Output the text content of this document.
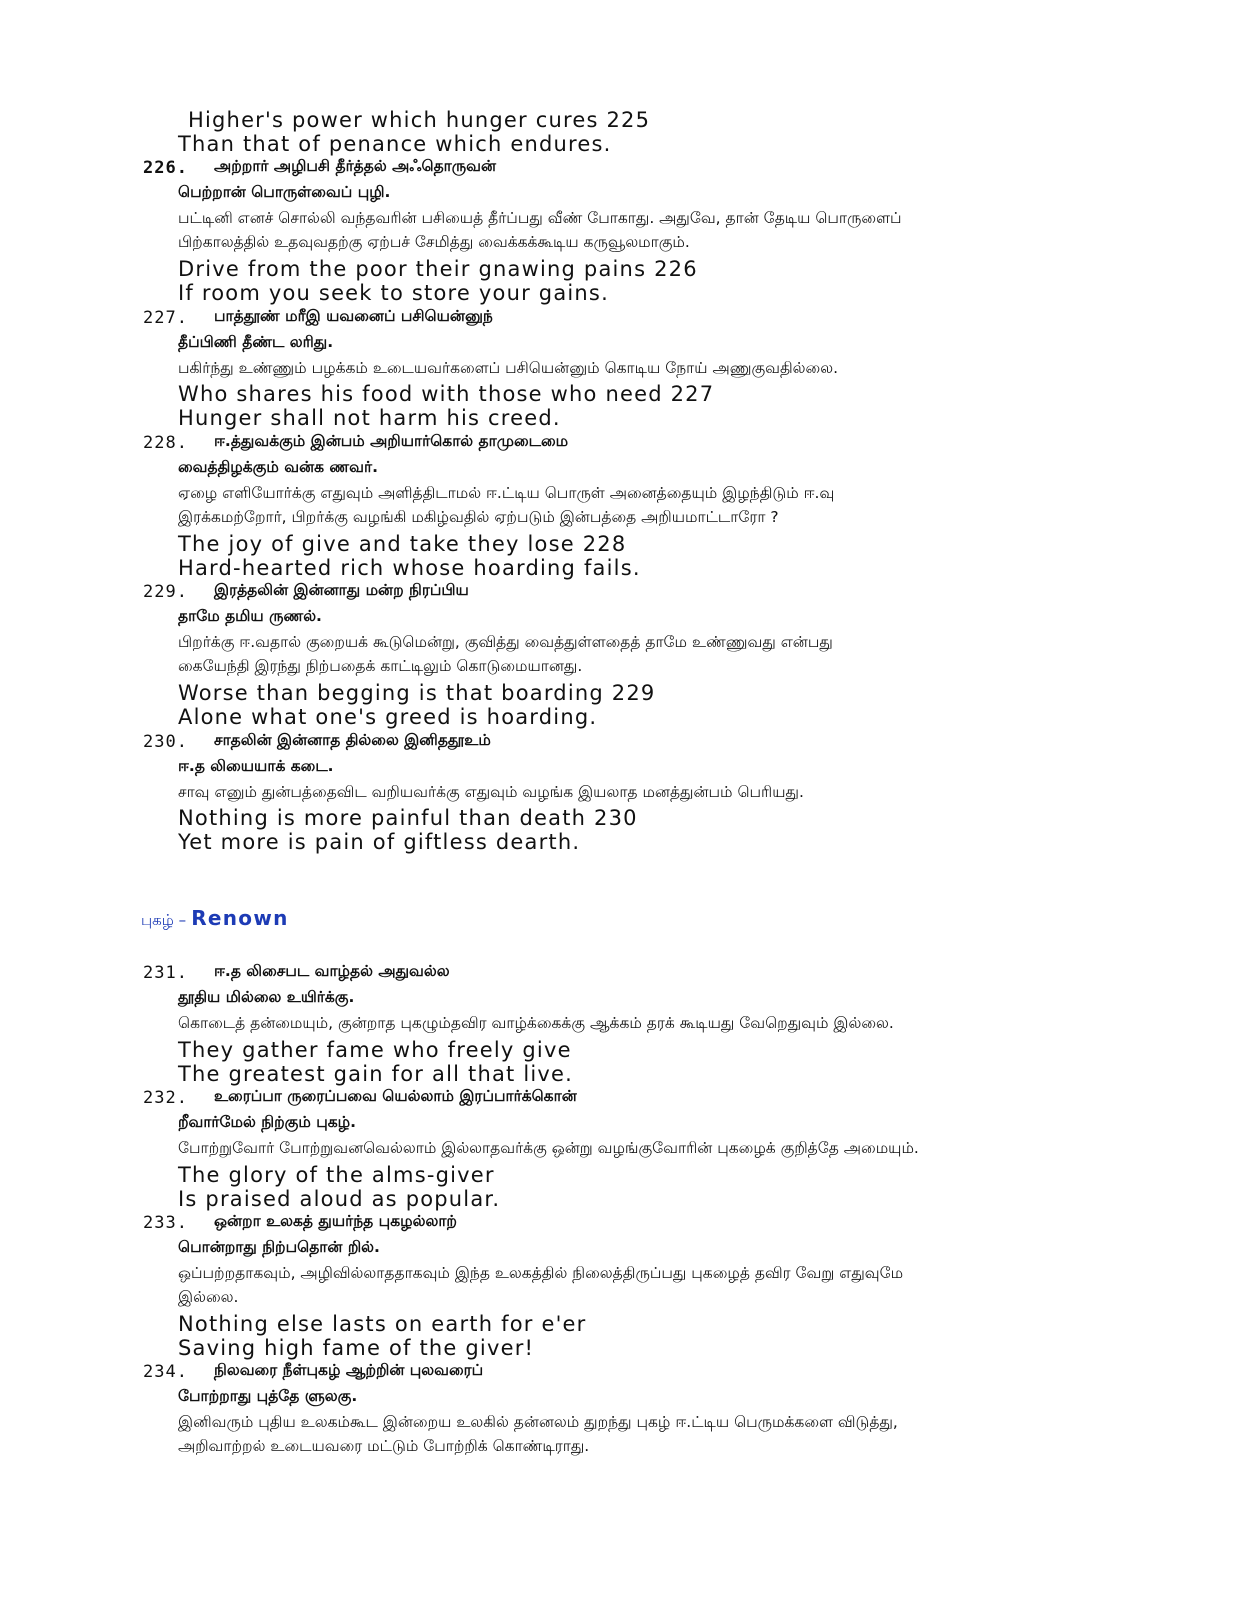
Higher's power which hunger cures 225
Than that of penance which endures.
226. அற்றார் அழிபசி தீர்த்தல் அஃதொருவன்
பெற்றான் பொருள்வைப் புழி.
பட்டினி எனச் சொல்லி வந்தவரின் பசியைத் தீர்ப்பது வீண் போகாது. அதுவே, தான் தேடிய பொருளைப்
பிற்காலத்தில் உதவுவதற்கு ஏற்பச் சேமித்து வைக்கக்கூடிய கருவூலமாகும்.
Drive from the poor their gnawing pains 226
If room you seek to store your gains.
227. பாத்தூண் மரீஇ யவனைப் பசியென்னுந்
தீப்பிணி தீண்ட லரிது.
பகிர்ந்து உண்ணும் பழக்கம் உடையவர்களைப் பசியென்னும் கொடிய நோய் அணுகுவதில்லை.
Who shares his food with those who need 227
Hunger shall not harm his creed.
228. ஈ.த்துவக்கும் இன்பம் அறியார்கொல் தாமுடைமை
வைத்திழக்கும் வன்க ணவர்.
ஏழை எளியோர்க்கு எதுவும் அளித்திடாமல் ஈ.ட்டிய பொருள் அனைத்தையும் இழந்திடும் ஈ.வு
இரக்கமற்றோர், பிறர்க்கு வழங்கி மகிழ்வதில் ஏற்படும் இன்பத்தை அறியமாட்டாரோ ?
The joy of give and take they lose 228
Hard-hearted rich whose hoarding fails.
229. இரத்தலின் இன்னாது மன்ற நிரப்பிய
தாமே தமிய ருணல்.
பிறர்க்கு ஈ.வதால் குறையக் கூடுமென்று, குவித்து வைத்துள்ளதைத் தாமே உண்ணுவது என்பது
கையேந்தி இரந்து நிற்பதைக் காட்டிலும் கொடுமையானது.
Worse than begging is that boarding 229
Alone what one's greed is hoarding.
230. சாதலின் இன்னாத தில்லை இனிததூஉம்
ஈ.த லியையாக் கடை.
சாவு எனும் துன்பத்தைவிட வறியவர்க்கு எதுவும் வழங்க இயலாத மனத்துன்பம் பெரியது.
Nothing is more painful than death 230
Yet more is pain of giftless dearth.
புகழ் – Renown
231. ஈ.த லிசைபட வாழ்தல் அதுவல்ல
தூதிய மில்லை உயிர்க்கு.
கொடைத் தன்மையும், குன்றாத புகழும்தவிர வாழ்க்கைக்கு ஆக்கம் தரக் கூடியது வேறெதுவும் இல்லை.
They gather fame who freely give
The greatest gain for all that live.
232. உரைப்பா ருரைப்பவை யெல்லாம் இரப்பார்க்கொன்
றீவார்மேல் நிற்கும் புகழ்.
போற்றுவோர் போற்றுவனவெல்லாம் இல்லாதவர்க்கு ஒன்று வழங்குவோரின் புகழைக் குறித்தே அமையும்.
The glory of the alms-giver
Is praised aloud as popular.
233. ஒன்றா உலகத் துயர்ந்த புகழல்லாற்
பொன்றாது நிற்பதொன் றில்.
ஒப்பற்றதாகவும், அழிவில்லாததாகவும் இந்த உலகத்தில் நிலைத்திருப்பது புகழைத் தவிர வேறு எதுவுமே
இல்லை.
Nothing else lasts on earth for e'er
Saving high fame of the giver!
234. நிலவரை நீள்புகழ் ஆற்றின் புலவரைப்
போற்றாது புத்தே ளுலகு.
இனிவரும் புதிய உலகம்கூட இன்றைய உலகில் தன்னலம் துறந்து புகழ் ஈ.ட்டிய பெருமக்களை விடுத்து,
அறிவாற்றல் உடையவரை மட்டும் போற்றிக் கொண்டிராது.
